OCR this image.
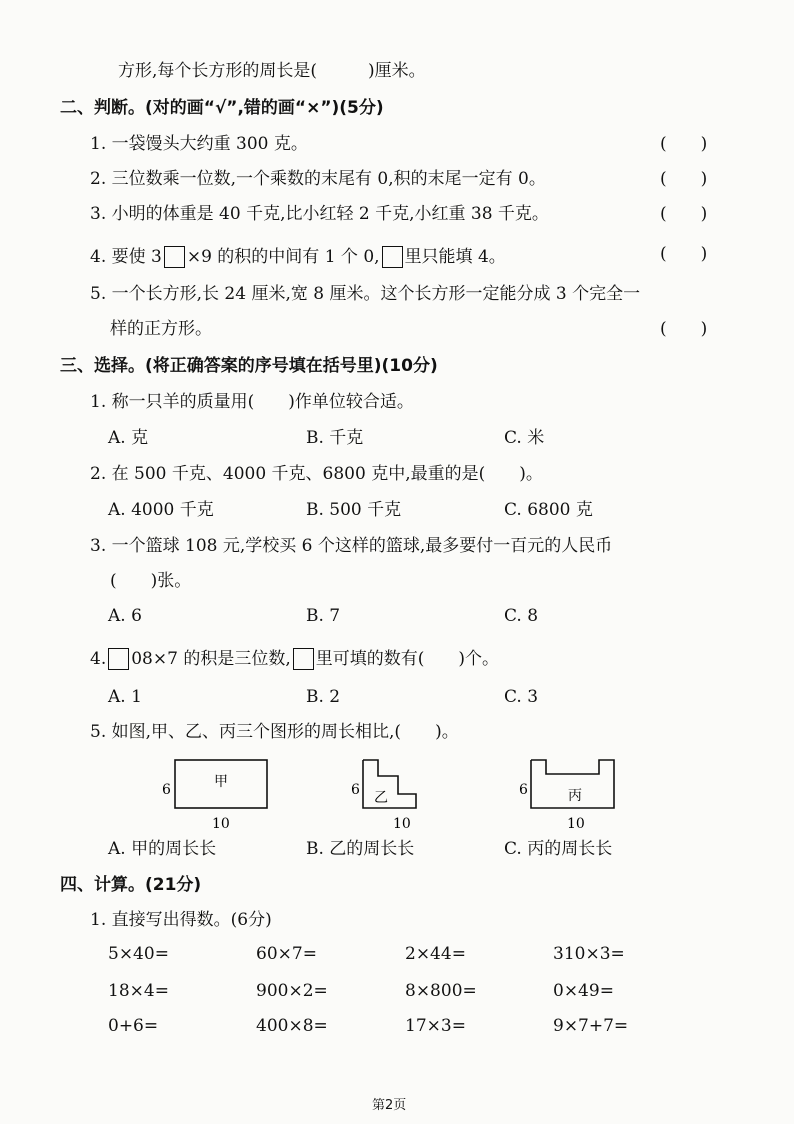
方形,每个长方形的周长是(　　　)厘米。
二、判断。(对的画“√”,错的画“×”)(5分)
1. 一袋馒头大约重 300 克。	(　　)
2. 三位数乘一位数,一个乘数的末尾有 0,积的末尾一定有 0。	(　　)
3. 小明的体重是 40 千克,比小红轻 2 千克,小红重 38 千克。	(　　)
4. 要使 3 ×9 的积的中间有 1 个 0, 里只能填 4。	(　　)
5. 一个长方形,长 24 厘米,宽 8 厘米。这个长方形一定能分成 3 个完全一
样的正方形。	(　　)
三、选择。(将正确答案的序号填在括号里)(10分)
1. 称一只羊的质量用(　　)作单位较合适。
A. 克	B. 千克	C. 米
2. 在 500 千克、4000 千克、6800 克中,最重的是(　　)。
A. 4000 千克	B. 500 千克	C. 6800 克
3. 一个篮球 108 元,学校买 6 个这样的篮球,最多要付一百元的人民币
(　　)张。
A. 6	B. 7	C. 8
4. 08×7 的积是三位数, 里可填的数有(　　)个。
A. 1	B. 2	C. 3
5. 如图,甲、乙、丙三个图形的周长相比,(　　)。
6	甲
10
6 乙
10
6	丙
10
A. 甲的周长长	B. 乙的周长长	C. 丙的周长长
四、计算。(21分)
1. 直接写出得数。(6分)
5×40=	60×7=	2×44=	310×3=
18×4=	900×2=	8×800=	0×49=
0+6=	400×8=	17×3=	9×7+7=
第2页
